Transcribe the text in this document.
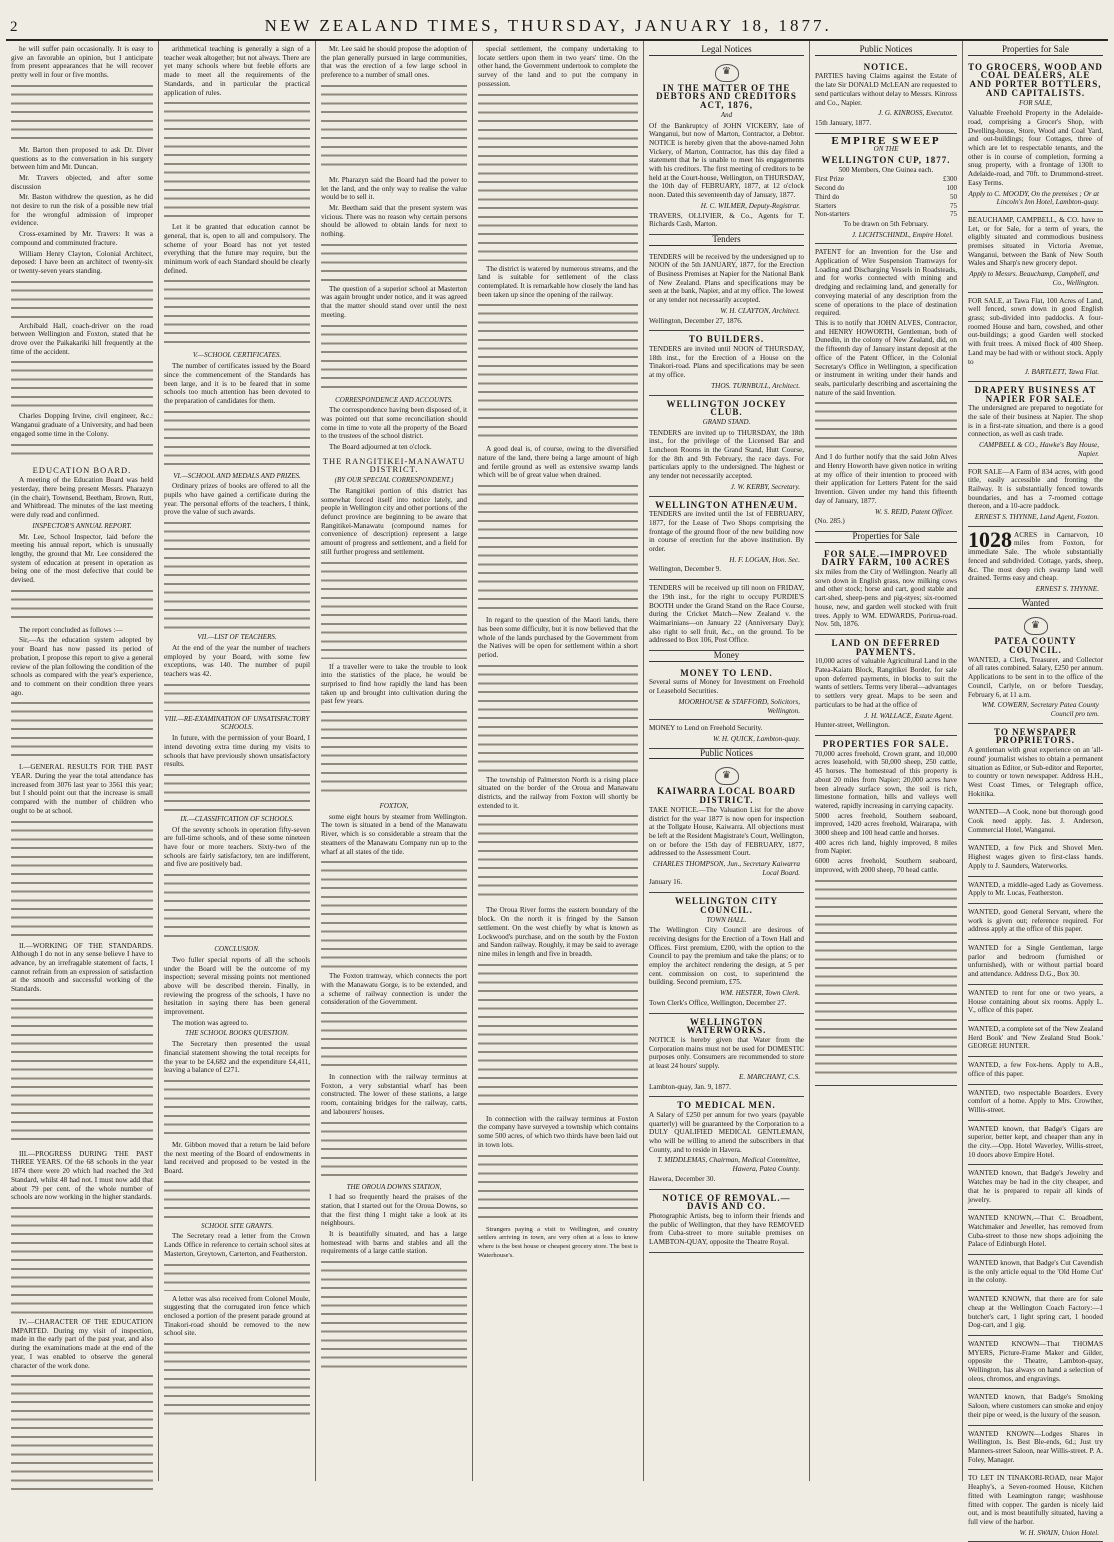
2	NEW ZEALAND TIMES, THURSDAY, JANUARY 18, 1877.

he will suffer pain occasionally. It is easy to give an favorable an opinion, but I anticipate from present appearances that he will recover pretty well in four or five months.

Mr. Barton then proposed to ask Dr. Diver questions as to the conversation in his surgery between him and Mr. Duncan.

Mr. Travers objected, and after some discussion

Mr. Baston withdrew the question, as he did not desire to run the risk of a possible new trial for the wrongful admission of improper evidence.

Cross-examined by Mr. Travers: It was a compound and comminuted fracture.

William Henry Clayton, Colonial Architect, deposed: I have been an architect of twenty-six or twenty-seven years standing.

Archibald Hall, coach-driver on the road between Wellington and Foxton, stated that he drove over the Paikakariki hill frequently at the time of the accident.

Charles Dopping Irvine, civil engineer, &c.: Wanganui graduate of a University, and had been engaged some time in the Colony.

EDUCATION BOARD.

A meeting of the Education Board was held yesterday, there being present Messrs. Pharazyn (in the chair), Townsend, Beetham, Brown, Rutt, and Whitbread. The minutes of the last meeting were duly read and confirmed.

INSPECTOR'S ANNUAL REPORT.

Mr. Lee, School Inspector, laid before the meeting his annual report, which is unusually lengthy, the ground that Mr. Lee considered the system of education at present in operation as being one of the most defective that could be devised.

The report concluded as follows :—

Sir,—As the education system adopted by your Board has now passed its period of probation, I propose this report to give a general review of the plan following the condition of the schools as compared with the year's experience, and to comment on their condition three years ago.

I.—GENERAL RESULTS FOR THE PAST YEAR. During the year the total attendance has increased from 3076 last year to 3561 this year; but I should point out that the increase is small compared with the number of children who ought to be at school.

II.—WORKING OF THE STANDARDS. Although I do not in any sense believe I have to advance, by an irrefragable statement of facts, I cannot refrain from an expression of satisfaction at the smooth and successful working of the Standards.

III.—PROGRESS DURING THE PAST THREE YEARS. Of the 68 schools in the year 1874 there were 20 which had reached the 3rd Standard, whilst 48 had not. I must now add that about 79 per cent. of the whole number of schools are now working in the higher standards.

IV.—CHARACTER OF THE EDUCATION IMPARTED. During my visit of inspection, made in the early part of the past year, and also during the examinations made at the end of the year, I was enabled to observe the general character of the work done.

arithmetical teaching is generally a sign of a teacher weak altogether; but not always. There are yet many schools where but feeble efforts are made to meet all the requirements of the Standards, and in particular the practical application of rules.

Let it be granted that education cannot be general, that is, open to all and compulsory. The scheme of your Board has not yet tested everything that the future may require, but the minimum work of each Standard should be clearly defined.

V.—SCHOOL CERTIFICATES.

The number of certificates issued by the Board since the commencement of the Standards has been large, and it is to be feared that in some schools too much attention has been devoted to the preparation of candidates for them.

VI.—SCHOOL AND MEDALS AND PRIZES.

Ordinary prizes of books are offered to all the pupils who have gained a certificate during the year. The personal efforts of the teachers, I think, prove the value of such awards.

VII.—LIST OF TEACHERS.

At the end of the year the number of teachers employed by your Board, with some few exceptions, was 140. The number of pupil teachers was 42.

VIII.—RE-EXAMINATION OF UNSATISFACTORY SCHOOLS.

In future, with the permission of your Board, I intend devoting extra time during my visits to schools that have previously shown unsatisfactory results.

IX.—CLASSIFICATION OF SCHOOLS.

Of the seventy schools in operation fifty-seven are full-time schools, and of these some nineteen have four or more teachers. Sixty-two of the schools are fairly satisfactory, ten are indifferent, and five are positively bad.

CONCLUSION.

Two fuller special reports of all the schools under the Board will be the outcome of my inspection; several missing points not mentioned above will be described therein. Finally, in reviewing the progress of the schools, I have no hesitation in saying there has been general improvement.

The motion was agreed to.

THE SCHOOL BOOKS QUESTION.

The Secretary then presented the usual financial statement showing the total receipts for the year to be £4,682 and the expenditure £4,411, leaving a balance of £271.

Mr. Gibbon moved that a return be laid before the next meeting of the Board of endowments in land received and proposed to be vested in the Board.

SCHOOL SITE GRANTS.

The Secretary read a letter from the Crown Lands Office in reference to certain school sites at Masterton, Greytown, Carterton, and Featherston.

A letter was also received from Colonel Moule, suggesting that the corrugated iron fence which enclosed a portion of the present parade ground at Tinakori-road should be removed to the new school site.

Mr. Lee said he should propose the adoption of the plan generally pursued in large communities, that was the erection of a few large school in preference to a number of small ones.

Mr. Pharazyn said the Board had the power to let the land, and the only way to realise the value would be to sell it.

Mr. Beetham said that the present system was vicious. There was no reason why certain persons should be allowed to obtain lands for next to nothing.

The question of a superior school at Masterton was again brought under notice, and it was agreed that the matter should stand over until the next meeting.

CORRESPONDENCE AND ACCOUNTS.

The correspondence having been disposed of, it was pointed out that some reconciliation should come in time to vote all the property of the Board to the trustees of the school district.

The Board adjourned at ten o'clock.

THE RANGITIKEI-MANAWATU DISTRICT.
(BY OUR SPECIAL CORRESPONDENT.)

The Rangitikei portion of this district has somewhat forced itself into notice lately, and people in Wellington city and other portions of the defunct province are beginning to be aware that Rangitikei-Manawatu (compound names for convenience of description) represent a large amount of progress and settlement, and a field for still further progress and settlement.

If a traveller were to take the trouble to look into the statistics of the place, he would be surprised to find how rapidly the land has been taken up and brought into cultivation during the past few years.

FOXTON,

some eight hours by steamer from Wellington. The town is situated in a bend of the Manawatu River, which is so considerable a stream that the steamers of the Manawatu Company run up to the wharf at all states of the tide.

The Foxton tramway, which connects the port with the Manawatu Gorge, is to be extended, and a scheme of railway connection is under the consideration of the Government.

In connection with the railway terminus at Foxton, a very substantial wharf has been constructed. The lower of these stations, a large room, containing bridges for the railway, carts, and labourers' houses.

THE OROUA DOWNS STATION,

I had so frequently heard the praises of the station, that I started out for the Oroua Downs, so that the first thing I might take a look at its neighbours.

It is beautifully situated, and has a large homestead with barns and stables and all the requirements of a large cattle station.

special settlement, the company undertaking to locate settlers upon them in two years' time. On the other hand, the Government undertook to complete the survey of the land and to put the company in possession.

The district is watered by numerous streams, and the land is suitable for settlement of the class contemplated. It is remarkable how closely the land has been taken up since the opening of the railway.

A good deal is, of course, owing to the diversified nature of the land, there being a large amount of high and fertile ground as well as extensive swamp lands which will be of great value when drained.

In regard to the question of the Maori lands, there has been some difficulty, but it is now believed that the whole of the lands purchased by the Government from the Natives will be open for settlement within a short period.

The township of Palmerston North is a rising place situated on the border of the Oroua and Manawatu districts, and the railway from Foxton will shortly be extended to it.

The Oroua River forms the eastern boundary of the block. On the north it is fringed by the Sanson settlement. On the west chiefly by what is known as Lockwood's purchase, and on the south by the Foxton and Sandon railway. Roughly, it may be said to average nine miles in length and five in breadth.

In connection with the railway terminus at Foxton the company have surveyed a township which contains some 500 acres, of which two thirds have been laid out in town lots.

Strangers paying a visit to Wellington, and country settlers arriving in town, are very often at a loss to know where is the best house or cheapest grocery store. The best is Waterhouse's.

Legal Notices
♛
IN THE MATTER OF THE DEBTORS AND CREDITORS ACT, 1876,
And

Of the Bankruptcy of JOHN VICKERY, late of Wanganui, but now of Marton, Contractor, a Debtor. NOTICE is hereby given that the above-named John Vickery, of Marton, Contractor, has this day filed a statement that he is unable to meet his engagements with his creditors. The first meeting of creditors to be held at the Court-house, Wellington, on THURSDAY, the 10th day of FEBRUARY, 1877, at 12 o'clock noon. Dated this seventeenth day of January, 1877.

H. C. WILMER, Deputy-Registrar.

TRAVERS, OLLIVIER, & Co., Agents for T. Richards Cash, Marton.

Tenders

TENDERS will be received by the undersigned up to NOON of the 5th JANUARY, 1877, for the Erection of Business Premises at Napier for the National Bank of New Zealand. Plans and specifications may be seen at the bank, Napier, and at my office. The lowest or any tender not necessarily accepted.

W. H. CLAYTON, Architect.

Wellington, December 27, 1876.

TO BUILDERS.

TENDERS are invited until NOON of THURSDAY, 18th inst., for the Erection of a House on the Tinakori-road. Plans and specifications may be seen at my office.

THOS. TURNBULL, Architect.
WELLINGTON JOCKEY CLUB.
GRAND STAND.

TENDERS are invited up to THURSDAY, the 18th inst., for the privilege of the Licensed Bar and Luncheon Rooms in the Grand Stand, Hutt Course, for the 8th and 9th February, the race days. For particulars apply to the undersigned. The highest or any tender not necessarily accepted.

J. W. KERBY, Secretary.
WELLINGTON ATHENÆUM.

TENDERS are invited until the 1st of FEBRUARY, 1877, for the Lease of Two Shops comprising the frontage of the ground floor of the new building now in course of erection for the above institution. By order.

H. F. LOGAN, Hon. Sec.

Wellington, December 9.

TENDERS will be received up till noon on FRIDAY, the 19th inst., for the right to occupy PURDIE'S BOOTH under the Grand Stand on the Race Course, during the Cricket Match—New Zealand v. the Waimarinians—on January 22 (Anniversary Day); also right to sell fruit, &c., on the ground. To be addressed to Box 106, Post Office.

Money
MONEY TO LEND.

Several sums of Money for Investment on Freehold or Leasehold Securities.

MOORHOUSE & STAFFORD, Solicitors, Wellington.

MONEY to Lend on Freehold Security.

W. H. QUICK, Lambton-quay.
Public Notices
♛
KAIWARRA LOCAL BOARD DISTRICT.

TAKE NOTICE.—The Valuation List for the above district for the year 1877 is now open for inspection at the Tollgate House, Kaiwarra. All objections must be left at the Resident Magistrate's Court, Wellington, on or before the 15th day of FEBRUARY, 1877, addressed to the Assessment Court.

CHARLES THOMPSON, Jun., Secretary Kaiwarra Local Board.

January 16.

WELLINGTON CITY COUNCIL.
TOWN HALL.

The Wellington City Council are desirous of receiving designs for the Erection of a Town Hall and Offices. First premium, £200, with the option to the Council to pay the premium and take the plans; or to employ the architect rendering the design, at 5 per cent. commission on cost, to superintend the building. Second premium, £75.

WM. HESTER, Town Clerk.

Town Clerk's Office, Wellington, December 27.

WELLINGTON WATERWORKS.

NOTICE is hereby given that Water from the Corporation mains must not be used for DOMESTIC purposes only. Consumers are recommended to store at least 24 hours' supply.

E. MARCHANT, C.S.

Lambton-quay, Jan. 9, 1877.

TO MEDICAL MEN.

A Salary of £250 per annum for two years (payable quarterly) will be guaranteed by the Corporation to a DULY QUALIFIED MEDICAL GENTLEMAN, who will be willing to attend the subscribers in that County, and to reside in Havera.

T. MIDDLEMAS, Chairman, Medical Committee, Hawera, Patea County.

Hawera, December 30.

NOTICE OF REMOVAL.—DAVIS AND CO.

Photographic Artists, beg to inform their friends and the public of Wellington, that they have REMOVED from Cuba-street to more suitable premises on LAMBTON-QUAY, opposite the Theatre Royal.

Public Notices
NOTICE.

PARTIES having Claims against the Estate of the late Sir DONALD McLEAN are requested to send particulars without delay to Messrs. Kinross and Co., Napier.

J. G. KINROSS, Executor.

15th January, 1877.

EMPIRE SWEEP
ON THE
WELLINGTON CUP, 1877.

500 Members, One Guinea each.

First Prize	£300
Second do	100
Third do	50
Starters	75
Non-starters	75

To be drawn on 5th February.

J. LICHTSCHINDL, Empire Hotel.

PATENT for an Invention for the Use and Application of Wire Suspension Tramways for Loading and Discharging Vessels in Roadsteads, and for works connected with mining and dredging and reclaiming land, and generally for conveying material of any description from the scene of operations to the place of destination required.

This is to notify that JOHN ALVES, Contractor, and HENRY HOWORTH, Gentleman, both of Dunedin, in the colony of New Zealand, did, on the fifteenth day of January instant deposit at the office of the Patent Officer, in the Colonial Secretary's Office in Wellington, a specification or instrument in writing under their hands and seals, particularly describing and ascertaining the nature of the said Invention.

And I do further notify that the said John Alves and Henry Howorth have given notice in writing at my office of their intention to proceed with their application for Letters Patent for the said Invention. Given under my hand this fifteenth day of January, 1877.

W. S. REID, Patent Officer.

(No. 285.)

Properties for Sale
FOR SALE.—IMPROVED DAIRY FARM, 100 ACRES

six miles from the City of Wellington. Nearly all sown down in English grass, now milking cows and other stock; horse and cart, good stable and cart-shed, sheep-pens and pig-styes; six-roomed house, new, and garden well stocked with fruit trees. Apply to WM. EDWARDS, Porirua-road. Nov. 5th, 1876.

LAND ON DEFERRED PAYMENTS.

10,000 acres of valuable Agricultural Land in the Patea-Kaiatu Block, Rangitikei Border, for sale upon deferred payments, in blocks to suit the wants of settlers. Terms very liberal—advantages to settlers very great. Maps to be seen and particulars to be had at the office of

J. H. WALLACE, Estate Agent.

Hunter-street, Wellington.

PROPERTIES FOR SALE.

70,000 acres freehold, Crown grant, and 10,000 acres leasehold, with 50,000 sheep, 250 cattle, 45 horses. The homestead of this property is about 20 miles from Napier; 20,000 acres have been already surface sown, the soil is rich, limestone formation, hills and valleys well watered, rapidly increasing in carrying capacity.

5000 acres freehold, Southern seaboard, improved, 1420 acres freehold, Wairarapa, with 3000 sheep and 100 head cattle and horses.

400 acres rich land, highly improved, 8 miles from Napier.

6000 acres freehold, Southern seaboard, improved, with 2000 sheep, 70 head cattle.

Properties for Sale
TO GROCERS, WOOD AND COAL DEALERS, ALE AND PORTER BOTTLERS, AND CAPITALISTS.
FOR SALE,

Valuable Freehold Property in the Adelaide-road, comprising a Grocer's Shop, with Dwelling-house, Store, Wood and Coal Yard, and out-buildings; four Cottages, three of which are let to respectable tenants, and the other is in course of completion, forming a snug property, with a frontage of 130ft to Adelaide-road, and 70ft. to Drummond-street. Easy Terms.

Apply to C. MOODY, On the premises ; Or at Lincoln's Inn Hotel, Lambton-quay.

BEAUCHAMP, CAMPBELL, & CO. have to Let, or for Sale, for a term of years, the eligibly situated and commodious business premises situated in Victoria Avenue, Wanganui, between the Bank of New South Wales and Sharp's new grocery depot.

Apply to Messrs. Beauchamp, Campbell, and Co., Wellington.

FOR SALE, at Tawa Flat, 100 Acres of Land, well fenced, sown down in good English grass; sub-divided into paddocks. A four-roomed House and barn, cowshed, and other out-buildings; a good Garden well stocked with fruit trees. A mixed flock of 400 Sheep. Land may be had with or without stock. Apply to

J. BARTLETT, Tawa Flat.
DRAPERY BUSINESS AT NAPIER FOR SALE.

The undersigned are prepared to negotiate for the sale of their business at Napier. The shop is in a first-rate situation, and there is a good connection, as well as cash trade.

CAMPBELL & CO., Hawke's Bay House, Napier.

FOR SALE—A Farm of 834 acres, with good title, easily accessible and fronting the Railway. It is substantially fenced towards boundaries, and has a 7-roomed cottage thereon, and a 10-acre paddock.

ERNEST S. THYNNE, Land Agent, Foxton.

1028 ACRES in Carnarvon, 10 miles from Foxton, for immediate Sale. The whole substantially fenced and subdivided. Cottage, yards, sheep, &c. The most deep rich swamp land well drained. Terms easy and cheap.

ERNEST S. THYNNE.
Wanted
♛
PATEA COUNTY COUNCIL.

WANTED, a Clerk, Treasurer, and Collector of all rates combined. Salary, £250 per annum. Applications to be sent in to the office of the Council, Carlyle, on or before Tuesday, February 6, at 11 a.m.

WM. COWERN, Secretary Patea County Council pro tem.
TO NEWSPAPER PROPRIETORS.

A gentleman with great experience on an 'all-round' journalist wishes to obtain a permanent situation as Editor, or Sub-editor and Reporter, to country or town newspaper. Address H.H., West Coast Times, or Telegraph office, Hokitika.

WANTED—A Cook, none but thorough good Cook need apply. Jas. J. Anderson, Commercial Hotel, Wanganui.

WANTED, a few Pick and Shovel Men. Highest wages given to first-class hands. Apply to J. Saunders, Waterworks.

WANTED, a middle-aged Lady as Governess. Apply to Mr. Lucas, Featherston.

WANTED, good General Servant, where the work is given out; reference required. For address apply at the office of this paper.

WANTED for a Single Gentleman, large parlor and bedroom (furnished or unfurnished), with or without partial board and attendance. Address D.G., Box 30.

WANTED to rent for one or two years, a House containing about six rooms. Apply L. V., office of this paper.

WANTED, a complete set of the 'New Zealand Herd Book' and 'New Zealand Stud Book.' GEORGE HUNTER.

WANTED, a few Fox-hens. Apply to A.B., office of this paper.

WANTED, two respectable Boarders. Every comfort of a home. Apply to Mrs. Crowther, Willis-street.

WANTED known, that Badge's Cigars are superior, better kept, and cheaper than any in the city.—Opp. Hotel Waverley, Willis-street, 10 doors above Empire Hotel.

WANTED known, that Badge's Jewelry and Watches may be had in the city cheaper, and that he is prepared to repair all kinds of jewelry.

WANTED KNOWN,—That C. Broadbent, Watchmaker and Jeweller, has removed from Cuba-street to those new shops adjoining the Palace of Edinburgh Hotel.

WANTED known, that Badge's Cut Cavendish is the only article equal to the 'Old Home Cut' in the colony.

WANTED KNOWN, that there are for sale cheap at the Wellington Coach Factory:—1 butcher's cart, 1 light spring cart, 1 hooded Dog-cart, and 1 gig.

WANTED KNOWN—That THOMAS MYERS, Picture-Frame Maker and Gilder, opposite the Theatre, Lambton-quay, Wellington, has always on hand a selection of oleos, chromos, and engravings.

WANTED known, that Badge's Smoking Saloon, where customers can smoke and enjoy their pipe or weed, is the luxury of the season.

WANTED KNOWN—Lodges Shares in Wellington, 1s. Best Ble-ends, 6d.; Just try Manners-street Saloon, near Willis-street. P. A. Foley, Manager.

TO LET IN TINAKORI-ROAD, near Major Heaphy's, a Seven-roomed House, Kitchen fitted with Leamington range; washhouse fitted with copper. The garden is nicely laid out, and is most beautifully situated, having a full view of the harbor.

W. H. SWAIN, Union Hotel.
